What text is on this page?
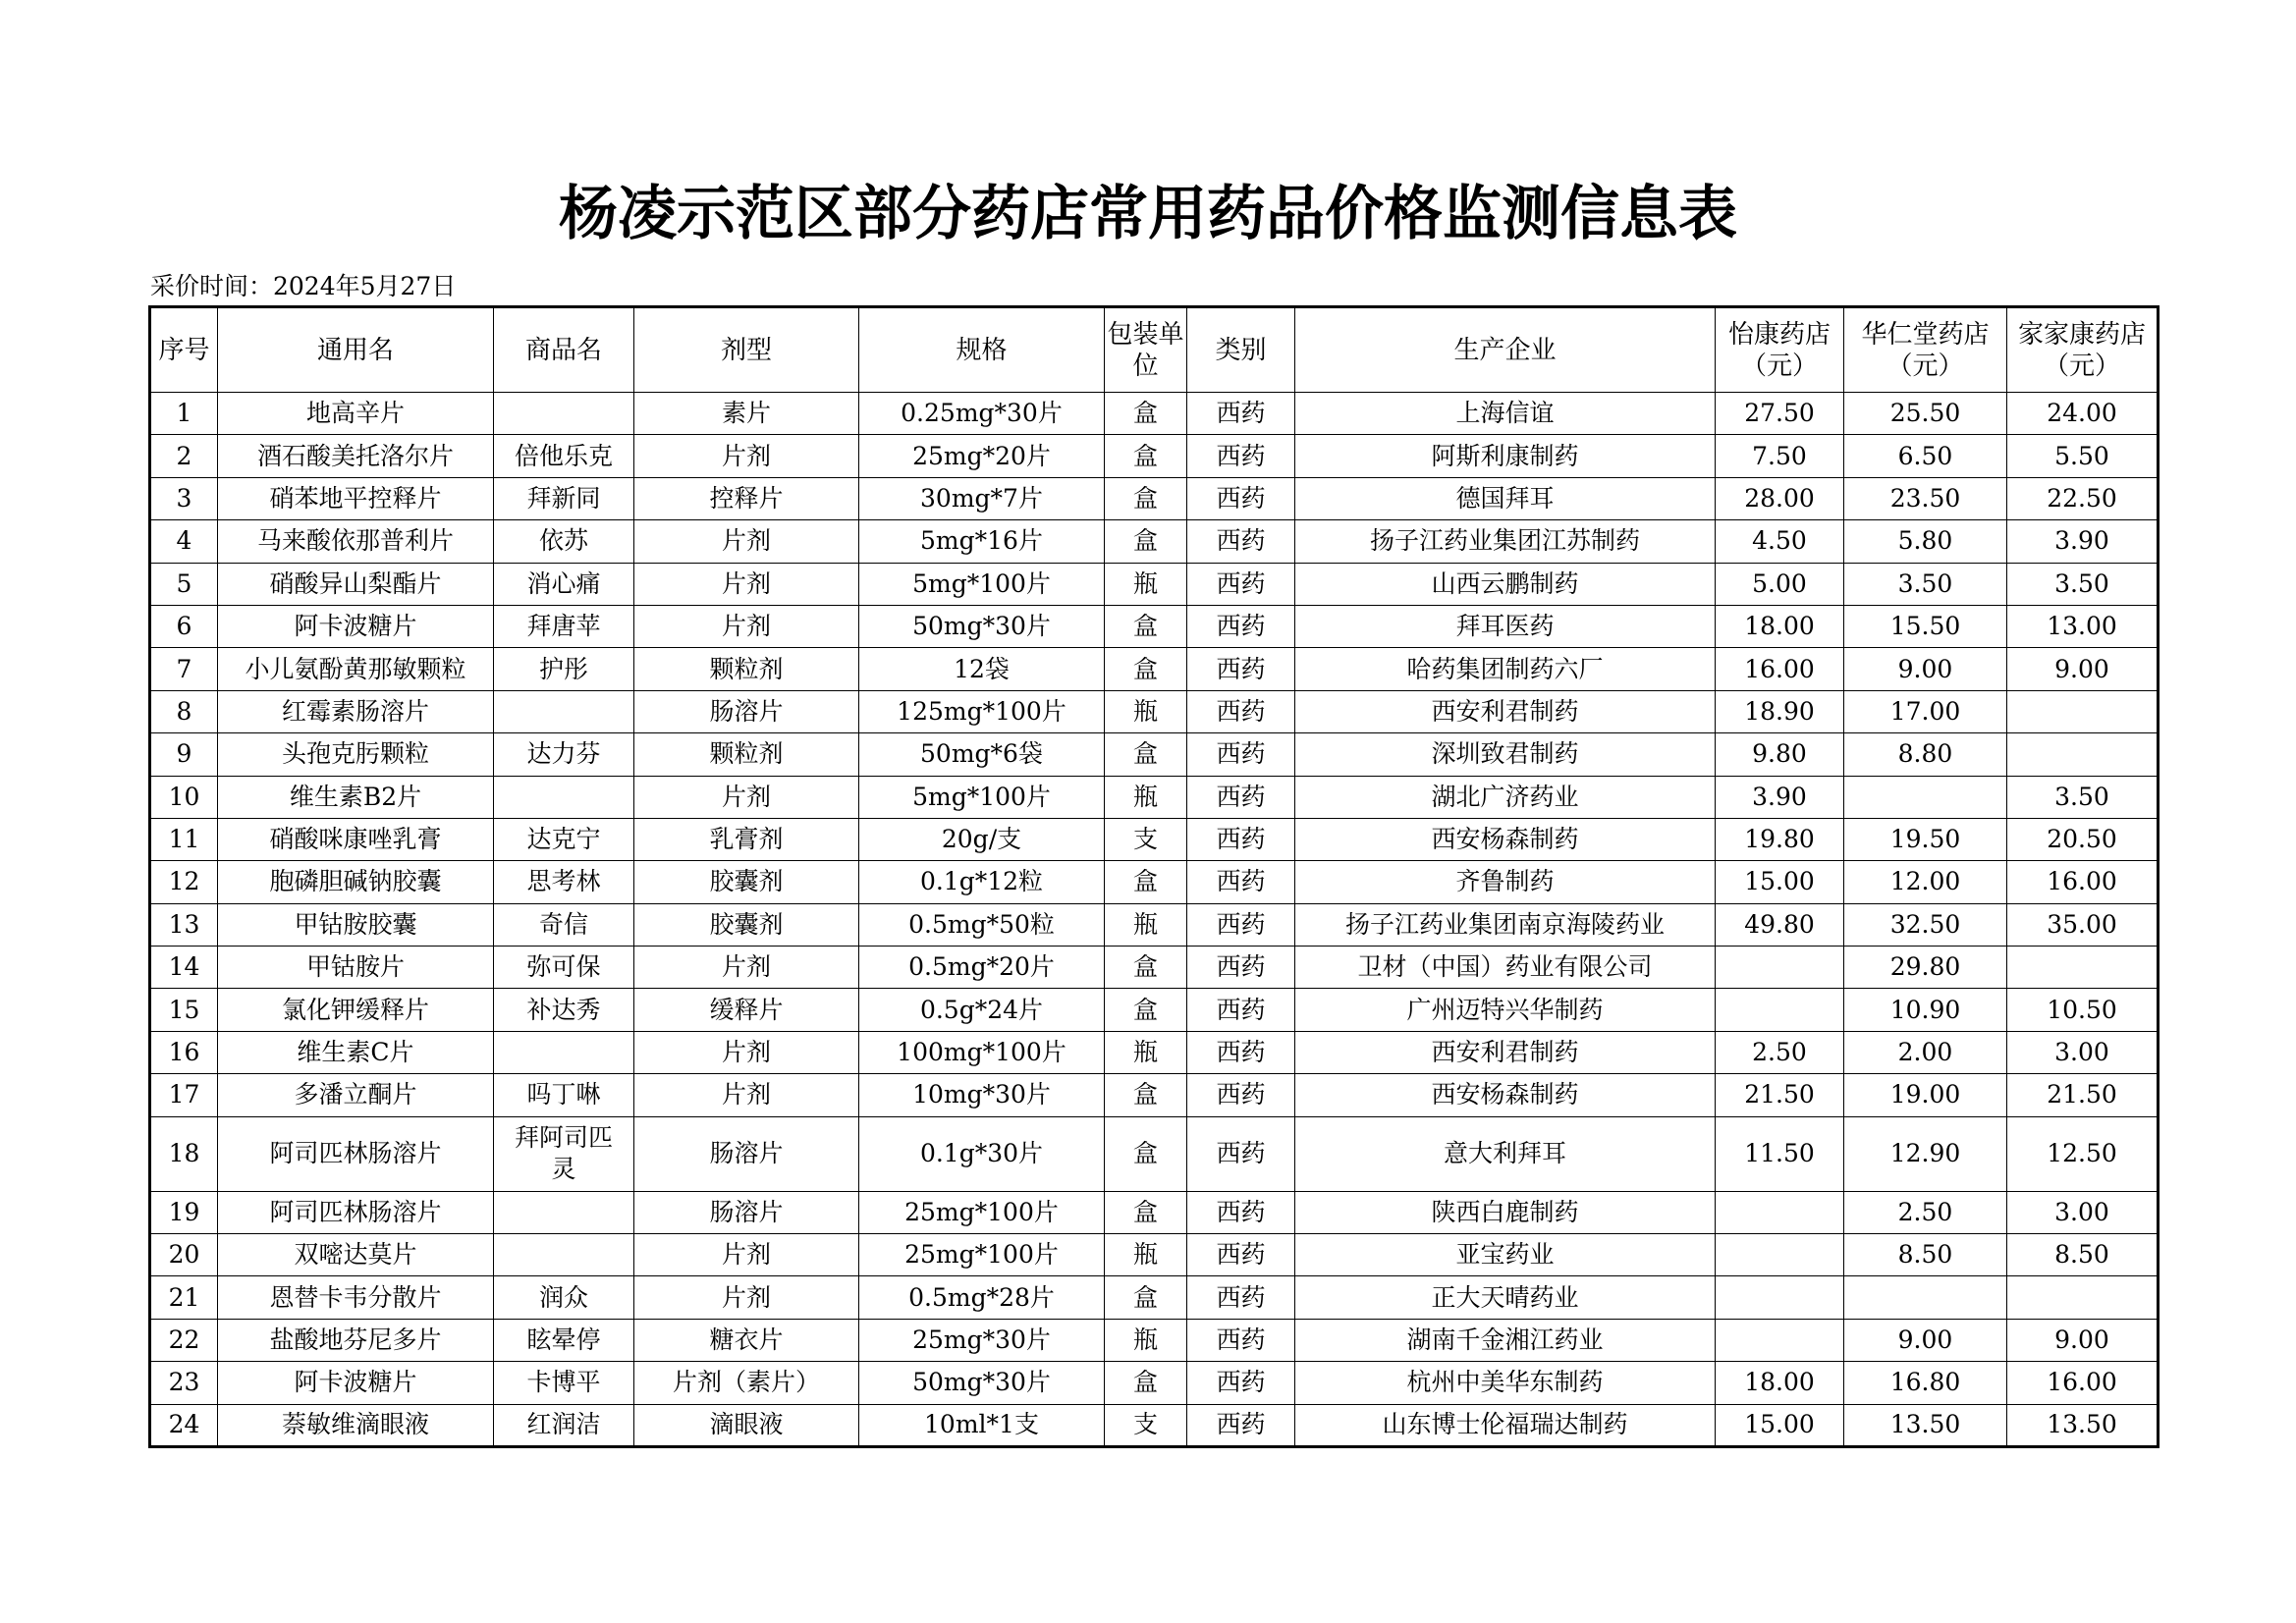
杨凌示范区部分药店常用药品价格监测信息表
采价时间：2024年5月27日
序号	通用名	商品名	剂型	规格	包装单位	类别	生产企业	怡康药店（元）	华仁堂药店（元）	家家康药店（元）
1	地高辛片		素片	0.25mg*30片	盒	西药	上海信谊	27.50	25.50	24.00
2	酒石酸美托洛尔片	倍他乐克	片剂	25mg*20片	盒	西药	阿斯利康制药	7.50	6.50	5.50
3	硝苯地平控释片	拜新同	控释片	30mg*7片	盒	西药	德国拜耳	28.00	23.50	22.50
4	马来酸依那普利片	依苏	片剂	5mg*16片	盒	西药	扬子江药业集团江苏制药	4.50	5.80	3.90
5	硝酸异山梨酯片	消心痛	片剂	5mg*100片	瓶	西药	山西云鹏制药	5.00	3.50	3.50
6	阿卡波糖片	拜唐苹	片剂	50mg*30片	盒	西药	拜耳医药	18.00	15.50	13.00
7	小儿氨酚黄那敏颗粒	护彤	颗粒剂	12袋	盒	西药	哈药集团制药六厂	16.00	9.00	9.00
8	红霉素肠溶片		肠溶片	125mg*100片	瓶	西药	西安利君制药	18.90	17.00	
9	头孢克肟颗粒	达力芬	颗粒剂	50mg*6袋	盒	西药	深圳致君制药	9.80	8.80	
10	维生素B2片		片剂	5mg*100片	瓶	西药	湖北广济药业	3.90		3.50
11	硝酸咪康唑乳膏	达克宁	乳膏剂	20g/支	支	西药	西安杨森制药	19.80	19.50	20.50
12	胞磷胆碱钠胶囊	思考林	胶囊剂	0.1g*12粒	盒	西药	齐鲁制药	15.00	12.00	16.00
13	甲钴胺胶囊	奇信	胶囊剂	0.5mg*50粒	瓶	西药	扬子江药业集团南京海陵药业	49.80	32.50	35.00
14	甲钴胺片	弥可保	片剂	0.5mg*20片	盒	西药	卫材（中国）药业有限公司		29.80	
15	氯化钾缓释片	补达秀	缓释片	0.5g*24片	盒	西药	广州迈特兴华制药		10.90	10.50
16	维生素C片		片剂	100mg*100片	瓶	西药	西安利君制药	2.50	2.00	3.00
17	多潘立酮片	吗丁啉	片剂	10mg*30片	盒	西药	西安杨森制药	21.50	19.00	21.50
18	阿司匹林肠溶片	拜阿司匹灵	肠溶片	0.1g*30片	盒	西药	意大利拜耳	11.50	12.90	12.50
19	阿司匹林肠溶片		肠溶片	25mg*100片	盒	西药	陕西白鹿制药		2.50	3.00
20	双嘧达莫片		片剂	25mg*100片	瓶	西药	亚宝药业		8.50	8.50
21	恩替卡韦分散片	润众	片剂	0.5mg*28片	盒	西药	正大天晴药业			
22	盐酸地芬尼多片	眩晕停	糖衣片	25mg*30片	瓶	西药	湖南千金湘江药业		9.00	9.00
23	阿卡波糖片	卡博平	片剂（素片）	50mg*30片	盒	西药	杭州中美华东制药	18.00	16.80	16.00
24	萘敏维滴眼液	红润洁	滴眼液	10ml*1支	支	西药	山东博士伦福瑞达制药	15.00	13.50	13.50
